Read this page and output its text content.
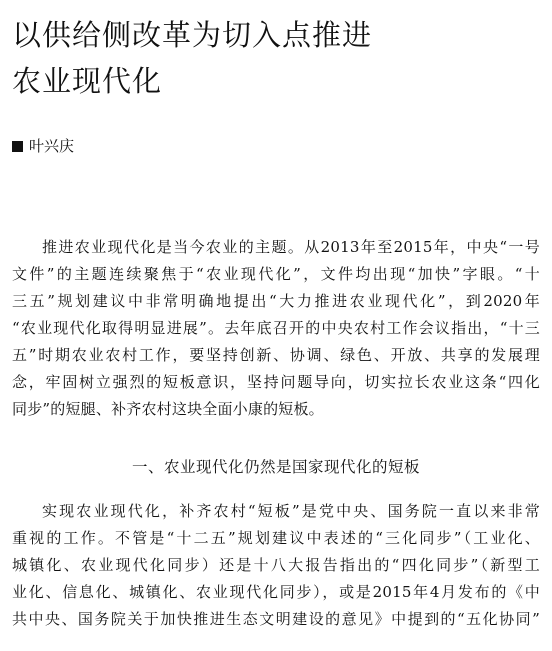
以供给侧改革为切入点推进
农业现代化
叶兴庆
推进农业现代化是当今农业的主题。从2013年至2015年，中央“一号
文件”的主题连续聚焦于“农业现代化”，文件均出现“加快”字眼。“十
三五”规划建议中非常明确地提出“大力推进农业现代化”，到2020年
“农业现代化取得明显进展”。去年底召开的中央农村工作会议指出，“十三
五”时期农业农村工作，要坚持创新、协调、绿色、开放、共享的发展理
念，牢固树立强烈的短板意识，坚持问题导向，切实拉长农业这条“四化
同步”的短腿、补齐农村这块全面小康的短板。
一、农业现代化仍然是国家现代化的短板
实现农业现代化，补齐农村“短板”是党中央、国务院一直以来非常
重视的工作。不管是“十二五”规划建议中表述的“三化同步”（工业化、
城镇化、农业现代化同步）还是十八大报告指出的“四化同步”（新型工
业化、信息化、城镇化、农业现代化同步），或是2015年4月发布的《中
共中央、国务院关于加快推进生态文明建设的意见》中提到的“五化协同”
